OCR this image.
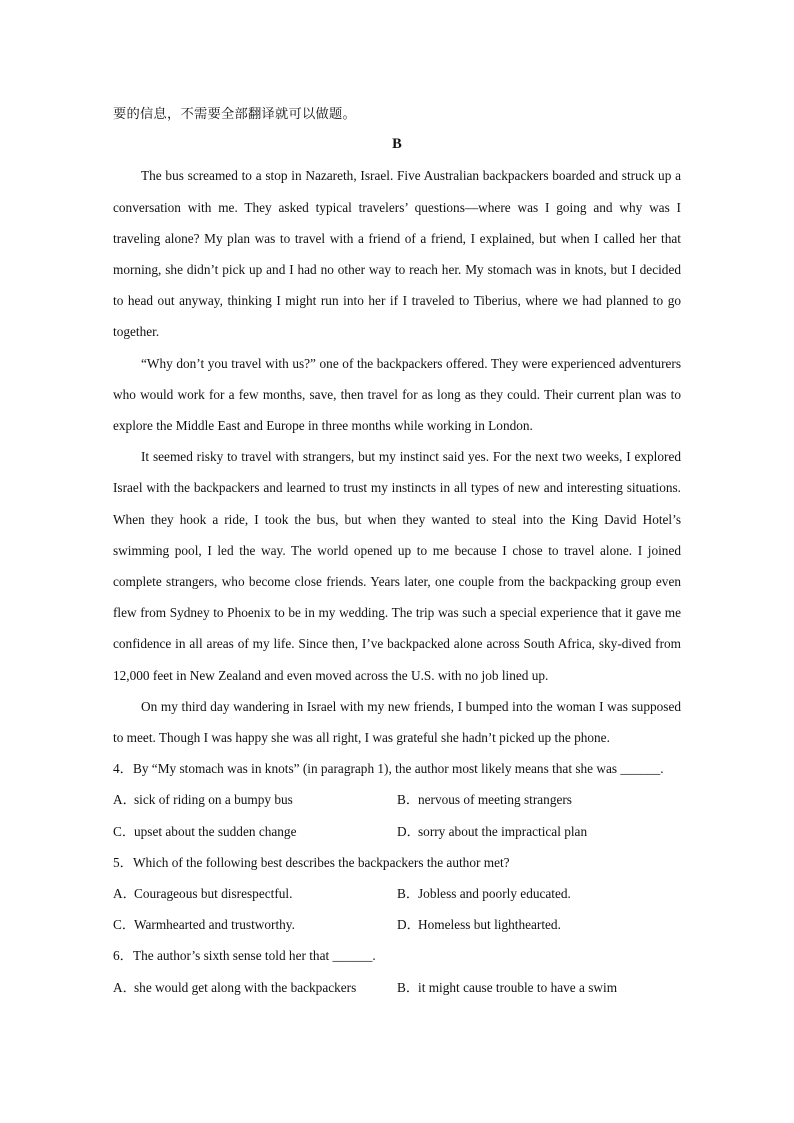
要的信息，不需要全部翻译就可以做题。
B

The bus screamed to a stop in Nazareth, Israel. Five Australian backpackers boarded and struck up a conversation with me. They asked typical travelers’ questions—where was I going and why was I traveling alone? My plan was to travel with a friend of a friend, I explained, but when I called her that morning, she didn’t pick up and I had no other way to reach her. My stomach was in knots, but I decided to head out anyway, thinking I might run into her if I traveled to Tiberius, where we had planned to go together.

“Why don’t you travel with us?” one of the backpackers offered. They were experienced adventurers who would work for a few months, save, then travel for as long as they could. Their current plan was to explore the Middle East and Europe in three months while working in London.

It seemed risky to travel with strangers, but my instinct said yes. For the next two weeks, I explored Israel with the backpackers and learned to trust my instincts in all types of new and interesting situations. When they hook a ride, I took the bus, but when they wanted to steal into the King David Hotel’s swimming pool, I led the way. The world opened up to me because I chose to travel alone. I joined complete strangers, who become close friends. Years later, one couple from the backpacking group even flew from Sydney to Phoenix to be in my wedding. The trip was such a special experience that it gave me confidence in all areas of my life. Since then, I’ve backpacked alone across South Africa, sky-dived from 12,000 feet in New Zealand and even moved across the U.S. with no job lined up.

On my third day wandering in Israel with my new friends, I bumped into the woman I was supposed to meet. Though I was happy she was all right, I was grateful she hadn’t picked up the phone.

4．By “My stomach was in knots” (in paragraph 1), the author most likely means that she was ______.

A．sick of riding on a bumpy bus	B．nervous of meeting strangers
C．upset about the sudden change	D．sorry about the impractical plan

5．Which of the following best describes the backpackers the author met?

A．Courageous but disrespectful.	B．Jobless and poorly educated.
C．Warmhearted and trustworthy.	D．Homeless but lighthearted.

6．The author’s sixth sense told her that ______.

A．she would get along with the backpackers	B．it might cause trouble to have a swim
